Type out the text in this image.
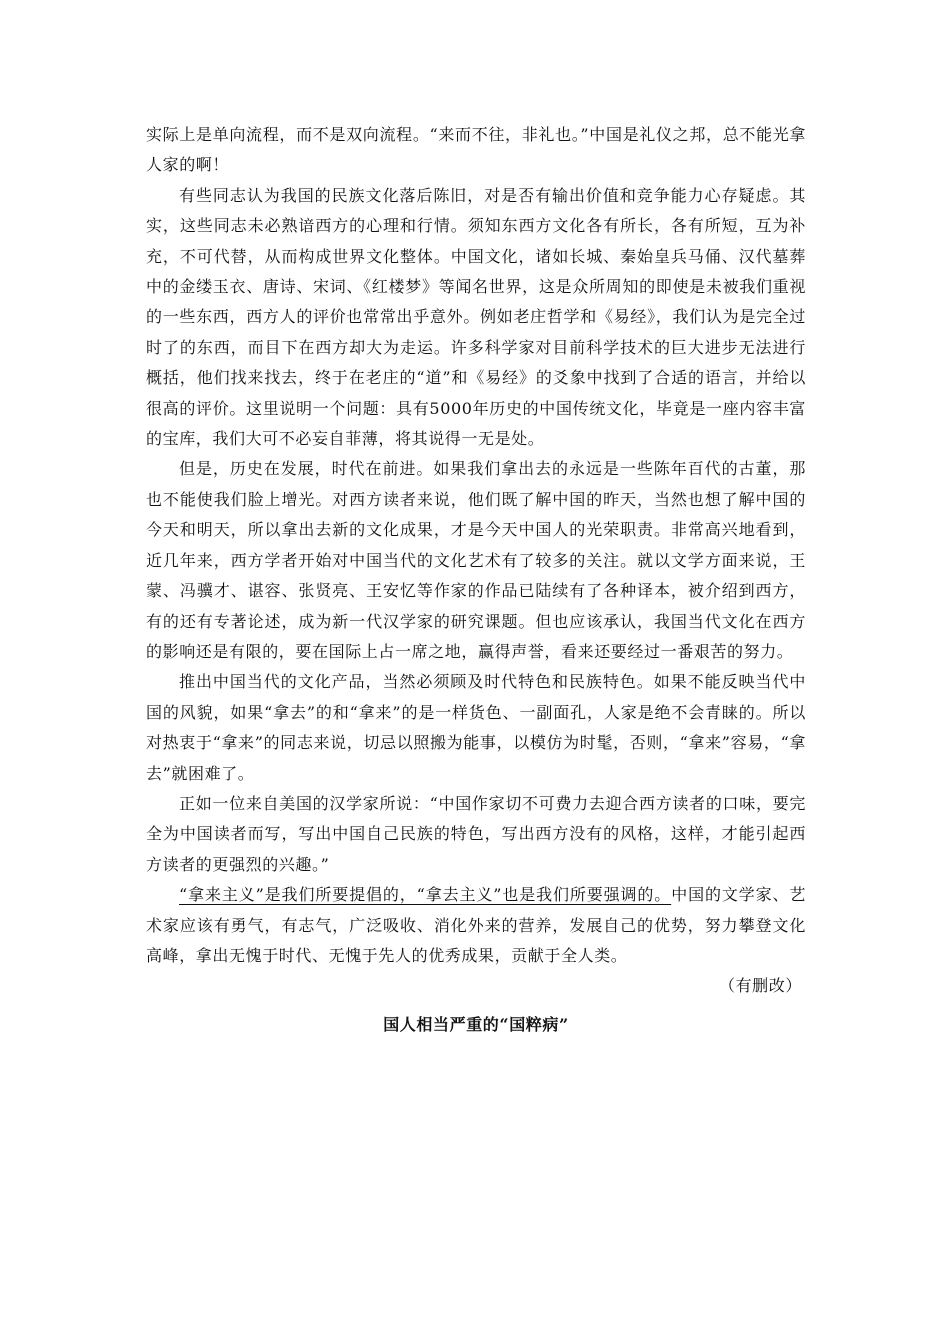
实际上是单向流程，而不是双向流程。“来而不往，非礼也。”中国是礼仪之邦，总不能光拿人家的啊！

有些同志认为我国的民族文化落后陈旧，对是否有输出价值和竞争能力心存疑虑。其实，这些同志未必熟谙西方的心理和行情。须知东西方文化各有所长，各有所短，互为补充，不可代替，从而构成世界文化整体。中国文化，诸如长城、秦始皇兵马俑、汉代墓葬中的金缕玉衣、唐诗、宋词、《红楼梦》等闻名世界，这是众所周知的即使是未被我们重视的一些东西，西方人的评价也常常出乎意外。例如老庄哲学和《易经》，我们认为是完全过时了的东西，而目下在西方却大为走运。许多科学家对目前科学技术的巨大进步无法进行概括，他们找来找去，终于在老庄的“道”和《易经》的爻象中找到了合适的语言，并给以很高的评价。这里说明一个问题：具有5000年历史的中国传统文化，毕竟是一座内容丰富的宝库，我们大可不必妄自菲薄，将其说得一无是处。

但是，历史在发展，时代在前进。如果我们拿出去的永远是一些陈年百代的古董，那也不能使我们脸上增光。对西方读者来说，他们既了解中国的昨天，当然也想了解中国的今天和明天，所以拿出去新的文化成果，才是今天中国人的光荣职责。非常高兴地看到，近几年来，西方学者开始对中国当代的文化艺术有了较多的关注。就以文学方面来说，王蒙、冯骥才、谌容、张贤亮、王安忆等作家的作品已陆续有了各种译本，被介绍到西方，有的还有专著论述，成为新一代汉学家的研究课题。但也应该承认，我国当代文化在西方的影响还是有限的，要在国际上占一席之地，赢得声誉，看来还要经过一番艰苦的努力。

推出中国当代的文化产品，当然必须顾及时代特色和民族特色。如果不能反映当代中国的风貌，如果“拿去”的和“拿来”的是一样货色、一副面孔，人家是绝不会青睐的。所以对热衷于“拿来”的同志来说，切忌以照搬为能事，以模仿为时髦，否则，“拿来”容易，“拿去”就困难了。

正如一位来自美国的汉学家所说：“中国作家切不可费力去迎合西方读者的口味，要完全为中国读者而写，写出中国自己民族的特色，写出西方没有的风格，这样，才能引起西方读者的更强烈的兴趣。”

“拿来主义”是我们所要提倡的，“拿去主义”也是我们所要强调的。中国的文学家、艺术家应该有勇气，有志气，广泛吸收、消化外来的营养，发展自己的优势，努力攀登文化高峰，拿出无愧于时代、无愧于先人的优秀成果，贡献于全人类。

（有删改）

国人相当严重的“国粹病”
